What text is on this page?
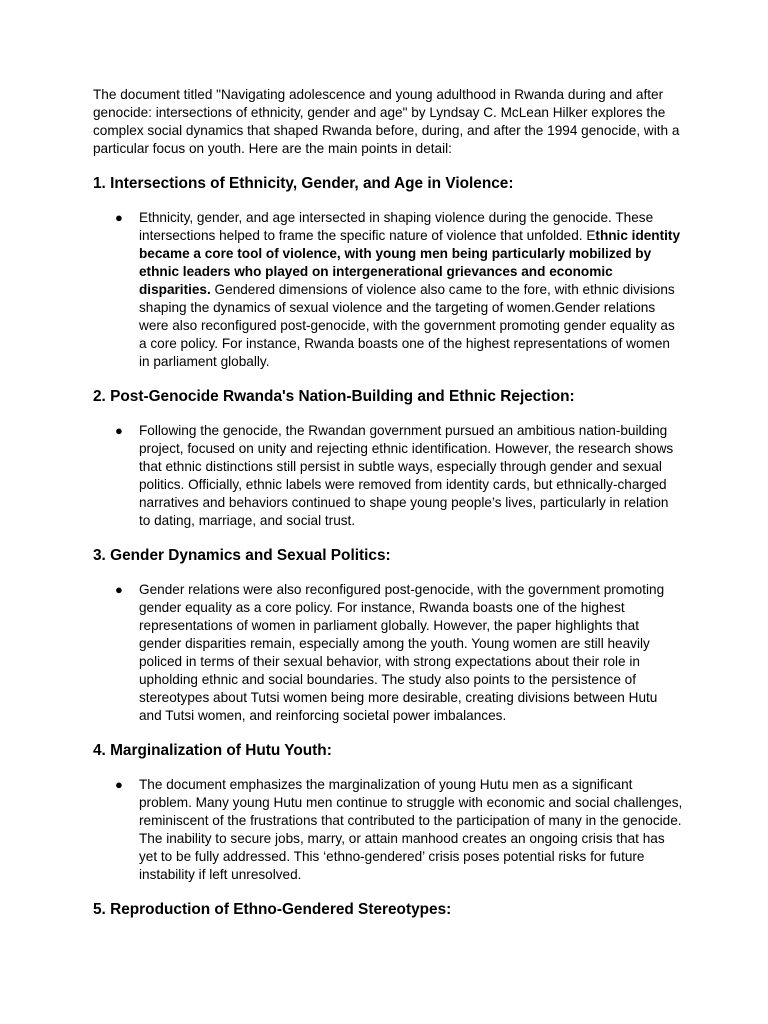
The document titled "Navigating adolescence and young adulthood in Rwanda during and after genocide: intersections of ethnicity, gender and age" by Lyndsay C. McLean Hilker explores the complex social dynamics that shaped Rwanda before, during, and after the 1994 genocide, with a particular focus on youth. Here are the main points in detail:

1. Intersections of Ethnicity, Gender, and Age in Violence:
● Ethnicity, gender, and age intersected in shaping violence during the genocide. These intersections helped to frame the specific nature of violence that unfolded. Ethnic identity became a core tool of violence, with young men being particularly mobilized by ethnic leaders who played on intergenerational grievances and economic disparities. Gendered dimensions of violence also came to the fore, with ethnic divisions shaping the dynamics of sexual violence and the targeting of women.Gender relations were also reconfigured post-genocide, with the government promoting gender equality as a core policy. For instance, Rwanda boasts one of the highest representations of women in parliament globally.
2. Post-Genocide Rwanda's Nation-Building and Ethnic Rejection:
● Following the genocide, the Rwandan government pursued an ambitious nation-building project, focused on unity and rejecting ethnic identification. However, the research shows that ethnic distinctions still persist in subtle ways, especially through gender and sexual politics. Officially, ethnic labels were removed from identity cards, but ethnically-charged narratives and behaviors continued to shape young people’s lives, particularly in relation to dating, marriage, and social trust.
3. Gender Dynamics and Sexual Politics:
● Gender relations were also reconfigured post-genocide, with the government promoting gender equality as a core policy. For instance, Rwanda boasts one of the highest representations of women in parliament globally. However, the paper highlights that gender disparities remain, especially among the youth. Young women are still heavily policed in terms of their sexual behavior, with strong expectations about their role in upholding ethnic and social boundaries. The study also points to the persistence of stereotypes about Tutsi women being more desirable, creating divisions between Hutu and Tutsi women, and reinforcing societal power imbalances.
4. Marginalization of Hutu Youth:
● The document emphasizes the marginalization of young Hutu men as a significant problem. Many young Hutu men continue to struggle with economic and social challenges, reminiscent of the frustrations that contributed to the participation of many in the genocide. The inability to secure jobs, marry, or attain manhood creates an ongoing crisis that has yet to be fully addressed. This ‘ethno-gendered’ crisis poses potential risks for future instability if left unresolved.
5. Reproduction of Ethno-Gendered Stereotypes:
